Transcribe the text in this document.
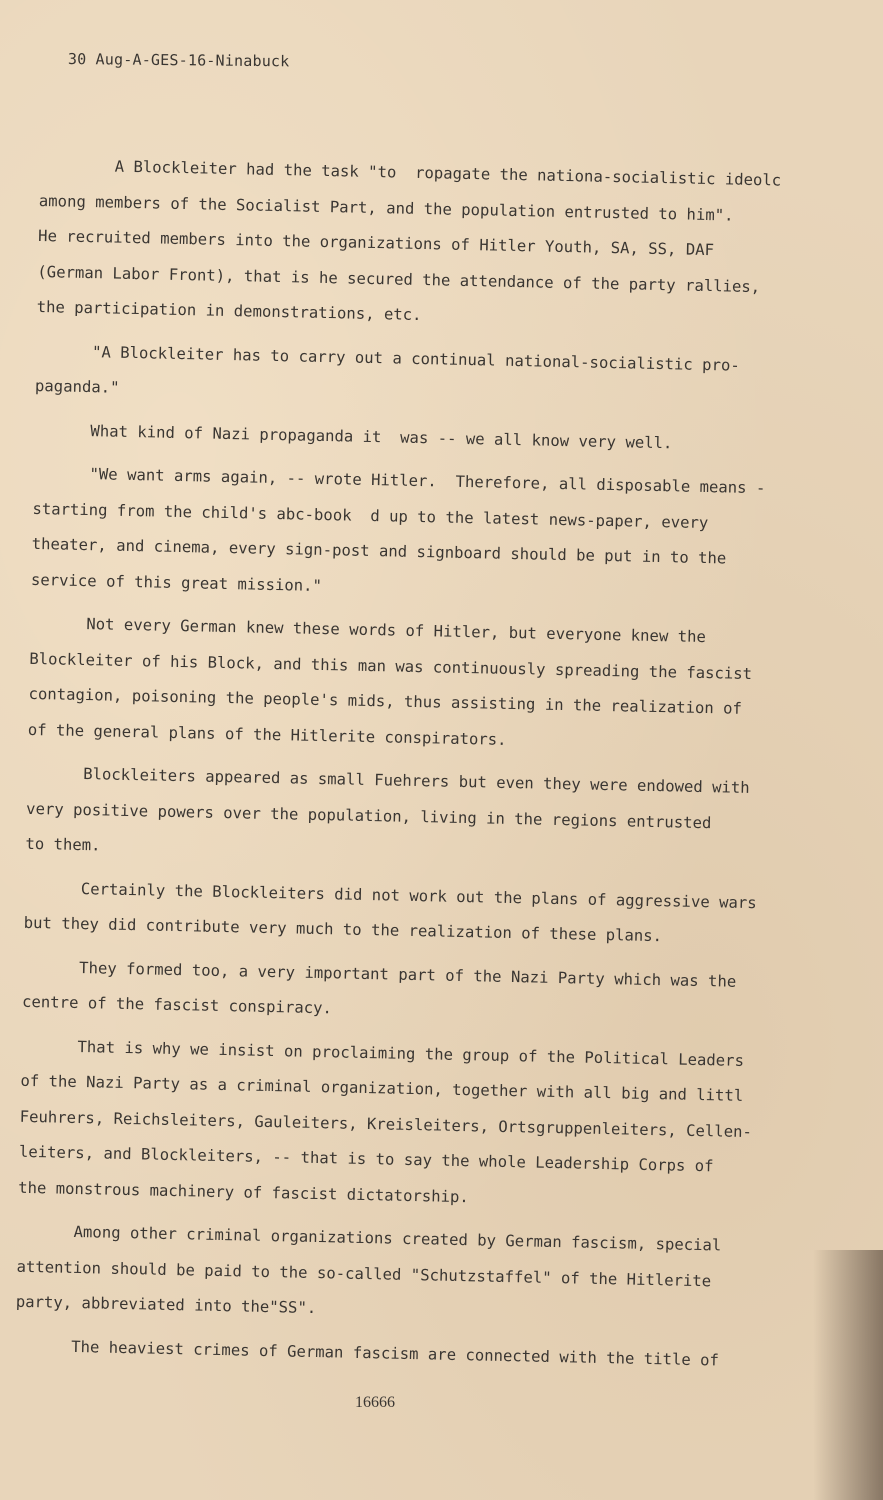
30 Aug-A-GES-16-Ninabuck
A Blockleiter had the task "to  ropagate the nationa-socialistic ideolc
among members of the Socialist Part, and the population entrusted to him".
He recruited members into the organizations of Hitler Youth, SA, SS, DAF
(German Labor Front), that is he secured the attendance of the party rallies,
the participation in demonstrations, etc.
"A Blockleiter has to carry out a continual national-socialistic pro-
paganda."
What kind of Nazi propaganda it  was -- we all know very well.
"We want arms again, -- wrote Hitler.  Therefore, all disposable means -
starting from the child's abc-book  d up to the latest news-paper, every
theater, and cinema, every sign-post and signboard should be put in to the
service of this great mission."
Not every German knew these words of Hitler, but everyone knew the
Blockleiter of his Block, and this man was continuously spreading the fascist
contagion, poisoning the people's mids, thus assisting in the realization of
of the general plans of the Hitlerite conspirators.
Blockleiters appeared as small Fuehrers but even they were endowed with
very positive powers over the population, living in the regions entrusted
to them.
Certainly the Blockleiters did not work out the plans of aggressive wars
but they did contribute very much to the realization of these plans.
They formed too, a very important part of the Nazi Party which was the
centre of the fascist conspiracy.
That is why we insist on proclaiming the group of the Political Leaders
of the Nazi Party as a criminal organization, together with all big and littl
Feuhrers, Reichsleiters, Gauleiters, Kreisleiters, Ortsgruppenleiters, Cellen-
leiters, and Blockleiters, -- that is to say the whole Leadership Corps of
the monstrous machinery of fascist dictatorship.
Among other criminal organizations created by German fascism, special
attention should be paid to the so-called "Schutzstaffel" of the Hitlerite
party, abbreviated into the"SS".
The heaviest crimes of German fascism are connected with the title of
16666
